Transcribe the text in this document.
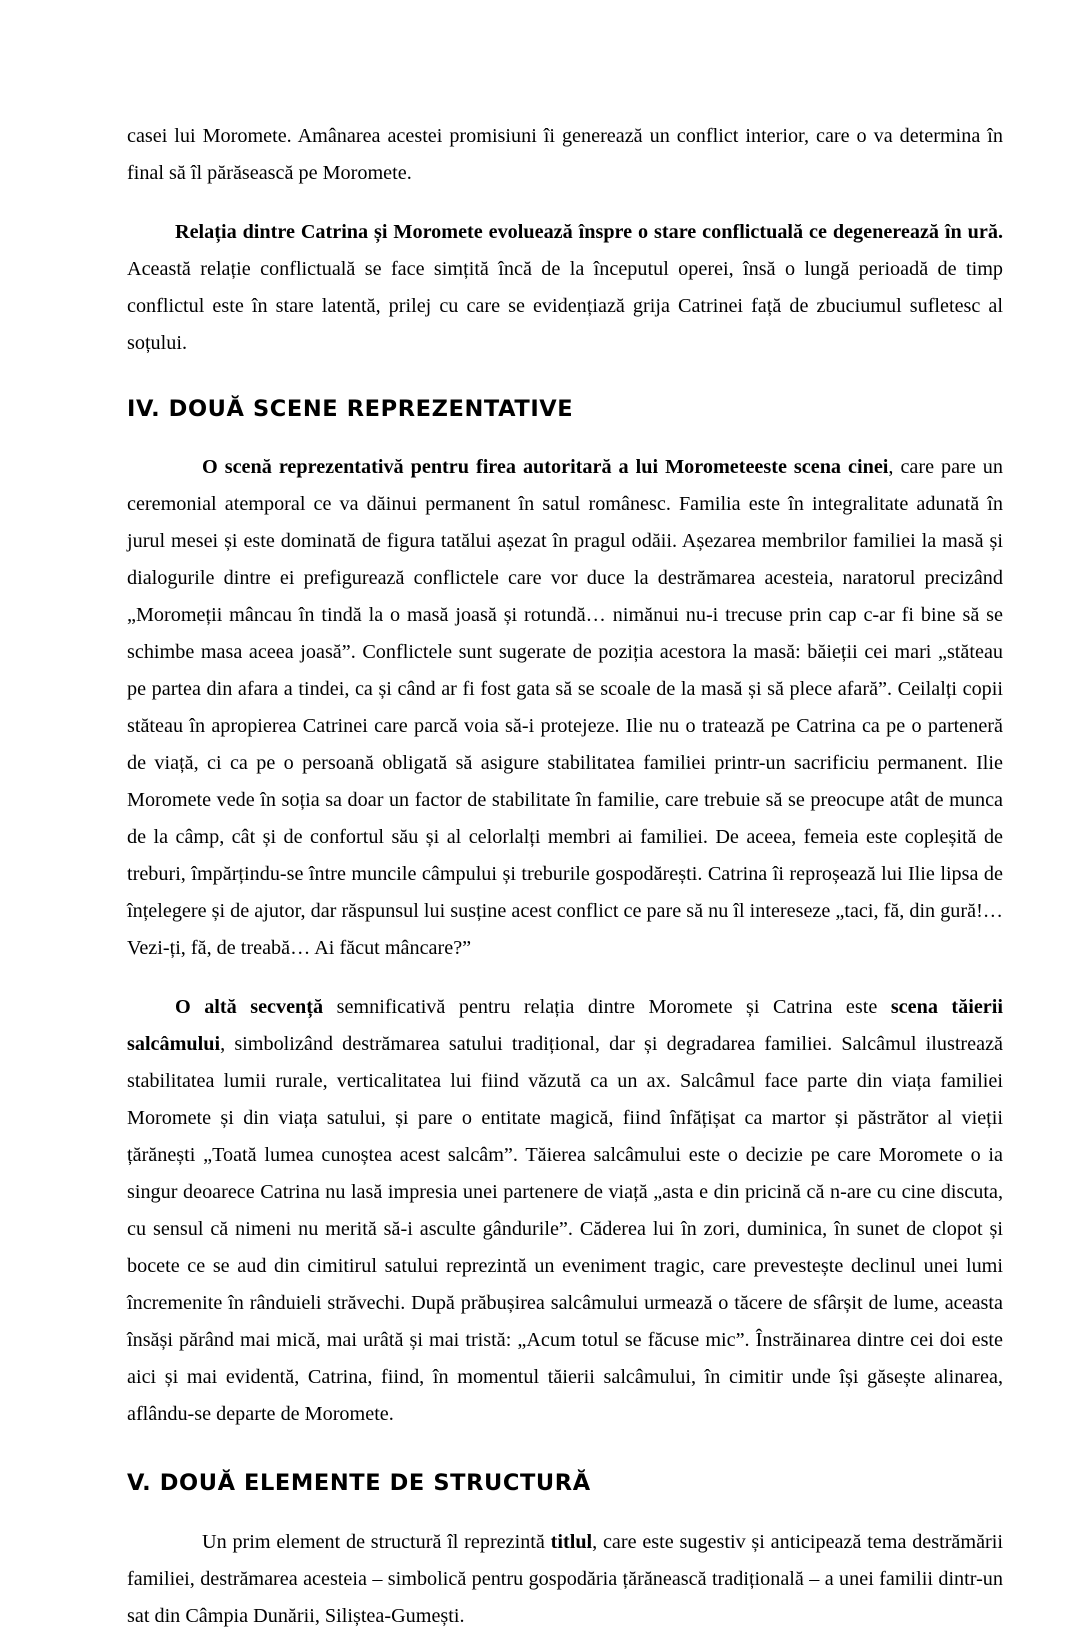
casei lui Moromete. Amânarea acestei promisiuni îi generează un conflict interior, care o va determina în final să îl părăsească pe Moromete.

Relația dintre Catrina și Moromete evoluează înspre o stare conflictuală ce degenerează în ură. Această relație conflictuală se face simțită încă de la începutul operei, însă o lungă perioadă de timp conflictul este în stare latentă, prilej cu care se evidențiază grija Catrinei față de zbuciumul sufletesc al soțului.

IV. DOUĂ SCENE REPREZENTATIVE

O scenă reprezentativă pentru firea autoritară a lui Morometeeste scena cinei, care pare un ceremonial atemporal ce va dăinui permanent în satul românesc. Familia este în integralitate adunată în jurul mesei și este dominată de figura tatălui așezat în pragul odăii. Așezarea membrilor familiei la masă și dialogurile dintre ei prefigurează conflictele care vor duce la destrămarea acesteia, naratorul precizând „Moromeții mâncau în tindă la o masă joasă și rotundă… nimănui nu-i trecuse prin cap c-ar fi bine să se schimbe masa aceea joasă”. Conflictele sunt sugerate de poziția acestora la masă: băieții cei mari „stăteau pe partea din afara a tindei, ca și când ar fi fost gata să se scoale de la masă și să plece afară”. Ceilalți copii stăteau în apropierea Catrinei care parcă voia să-i protejeze. Ilie nu o tratează pe Catrina ca pe o parteneră de viață, ci ca pe o persoană obligată să asigure stabilitatea familiei printr-un sacrificiu permanent. Ilie Moromete vede în soția sa doar un factor de stabilitate în familie, care trebuie să se preocupe atât de munca de la câmp, cât și de confortul său și al celorlalți membri ai familiei. De aceea, femeia este copleșită de treburi, împărțindu-se între muncile câmpului și treburile gospodărești. Catrina îi reproșează lui Ilie lipsa de înțelegere și de ajutor, dar răspunsul lui susține acest conflict ce pare să nu îl intereseze „taci, fă, din gură!… Vezi-ți, fă, de treabă… Ai făcut mâncare?”

O altă secvență semnificativă pentru relația dintre Moromete și Catrina este scena tăierii salcâmului, simbolizând destrămarea satului tradițional, dar și degradarea familiei. Salcâmul ilustrează stabilitatea lumii rurale, verticalitatea lui fiind văzută ca un ax. Salcâmul face parte din viața familiei Moromete și din viața satului, și pare o entitate magică, fiind înfățișat ca martor și păstrător al vieții țărănești „Toată lumea cunoștea acest salcâm”. Tăierea salcâmului este o decizie pe care Moromete o ia singur deoarece Catrina nu lasă impresia unei partenere de viață „asta e din pricină că n-are cu cine discuta, cu sensul că nimeni nu merită să-i asculte gândurile”. Căderea lui în zori, duminica, în sunet de clopot și bocete ce se aud din cimitirul satului reprezintă un eveniment tragic, care prevestește declinul unei lumi încremenite în rânduieli străvechi. După prăbușirea salcâmului urmează o tăcere de sfârșit de lume, aceasta însăși părând mai mică, mai urâtă și mai tristă: „Acum totul se făcuse mic”. Înstrăinarea dintre cei doi este aici și mai evidentă, Catrina, fiind, în momentul tăierii salcâmului, în cimitir unde își găsește alinarea, aflându-se departe de Moromete.

V. DOUĂ ELEMENTE DE STRUCTURĂ

Un prim element de structură îl reprezintă titlul, care este sugestiv și anticipează tema destrămării familiei, destrămarea acesteia – simbolică pentru gospodăria țărănească tradițională – a unei familii dintr-un sat din Câmpia Dunării, Siliștea-Gumești.
